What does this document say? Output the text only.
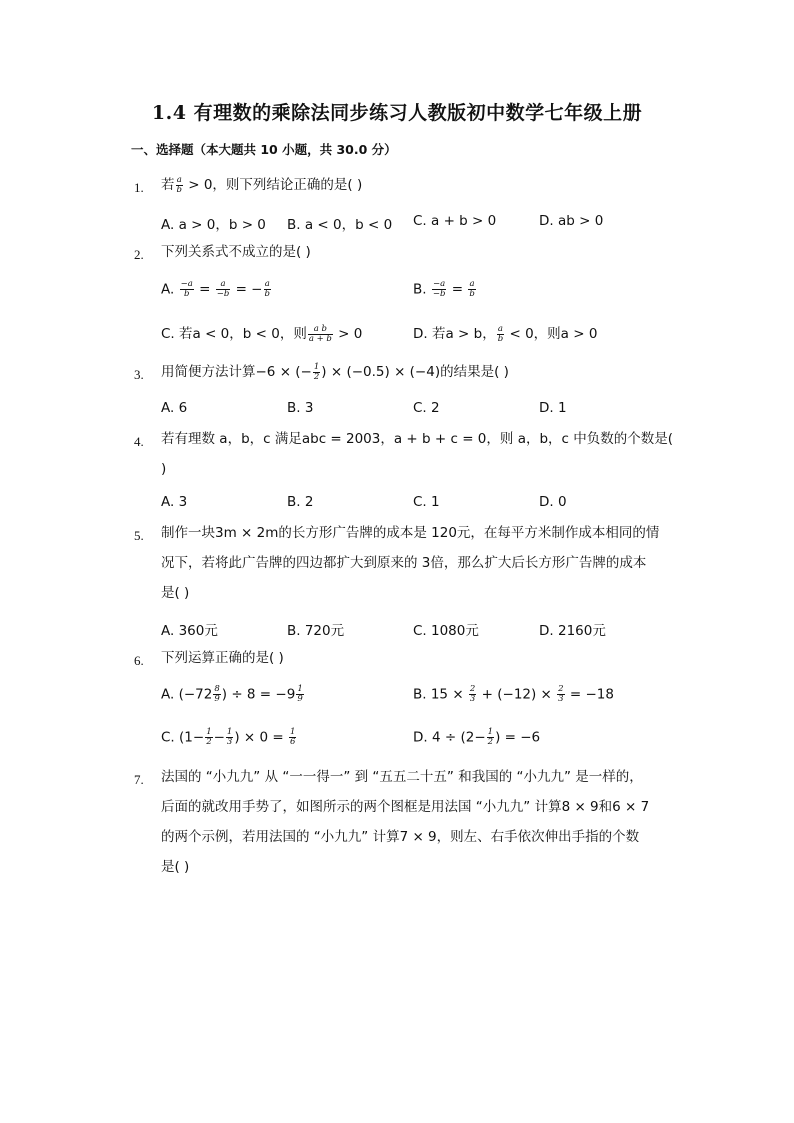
1.4 有理数的乘除法同步练习人教版初中数学七年级上册
一、选择题（本大题共 10 小题，共 30.0 分）
1. 若 $\frac{a}{b} > 0$，则下列结论正确的是( )
A. a > 0，b > 0 B. a < 0，b < 0 C. a + b > 0	D. ab > 0
2. 下列关系式不成立的是( )
A. $\frac{-a}{b} = \frac{a}{-b}$ = − $\frac{a}{b}$	B. $\frac{-a}{-b} = \frac{a}{b}$
C. 若a < 0，b < 0，则 $\frac{\text{a b}}{a + b} > 0$	D. 若a > b， $\frac{a}{b} < 0$，则a > 0
3. 用简便方法计算−6 × (− $\frac{1}{2}$ ) × (−0.5) × (−4)的结果是( )
A. 6	B. 3	C. 2	D. 1
4. 若有理数 a，b，c 满足abc = 2003，a + b + c = 0，则 a，b，c 中负数的个数是(
)
A. 3	B. 2	C. 1	D. 0
5. 制作一块3m × 2m的长方形广告牌的成本是 120元，在每平方米制作成本相同的情
况下，若将此广告牌的四边都扩大到原来的 3倍，那么扩大后长方形广告牌的成本
是( )
A. 360元	B. 720元	C. 1080元	D. 2160元
6. 下列运算正确的是( )
A. ($-72 \frac{8}{9}$ ) ÷ $8 = -9 \frac{1}{9}$	B. $15 \times \frac{2}{3} + (-12) \times \frac{2}{3} = -18$
C. ($1- \frac{1}{2} - \frac{1}{3}$ ) × $0 = \frac{1}{6}$	D. $4 \div (2- \frac{1}{2}$ ) = −6
7. 法国的 “小九九” 从 “一一得一” 到 “五五二十五” 和我国的 “小九九” 是一样的，
后面的就改用手势了，如图所示的两个图框是用法国 “小九九” 计算8 × 9和6 × 7
的两个示例，若用法国的 “小九九” 计算7 × 9，则左、右手依次伸出手指的个数
是( )
